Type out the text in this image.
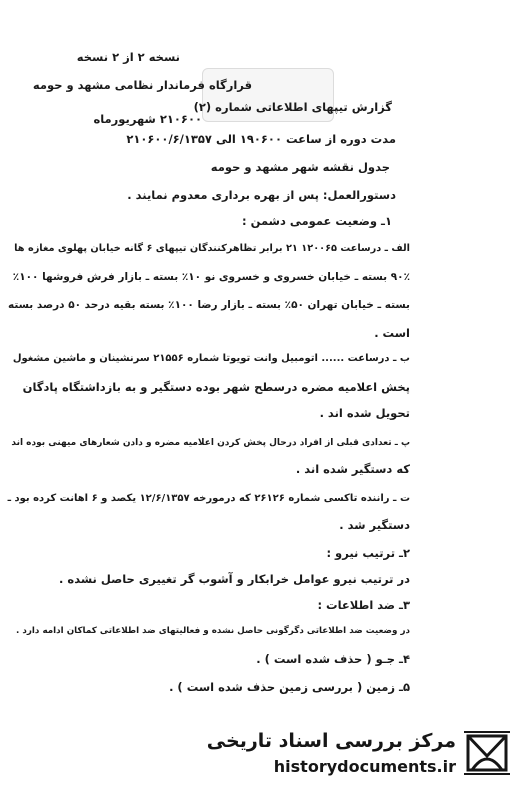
نسخه ۲ از ۲ نسخه
قرارگاه فرماندار نظامی مشهد و حومه
۲۱۰۶۰۰ شهریورماه
گزارش تیپهای اطلاعاتی شماره (۲)
مدت دوره از ساعت ۱۹۰۶۰۰ الی ۲۱۰۶۰۰/۶/۱۳۵۷
جدول نقشه شهر مشهد و حومه
دستورالعمل: پس از بهره برداری معدوم نمایند .
۱ـ وضعیت عمومی دشمن :
الف ـ درساعت ۱۲۰۰۶۵ ۲۱ برابر تظاهرکنندگان تیپهای ۶ گانه خیابان پهلوی مغازه ها
۹۰٪ بسته ـ خیابان خسروی و خسروی نو ۱۰٪ بسته ـ بازار فرش فروشها ۱۰۰٪
بسته ـ خیابان تهران ۵۰٪ بسته ـ بازار رضا ۱۰۰٪ بسته بقیه درحد ۵۰ درصد بسته
است .
ب ـ درساعت ...... اتومبیل وانت تویوتا شماره ۲۱۵۵۶ سرنشینان و ماشین مشغول
پخش اعلامیه مضره درسطح شهر بوده دستگیر و به بازداشتگاه پادگان
تحویل شده اند .
پ ـ تعدادی قبلی از افراد درحال پخش کردن اعلامیه مضره و دادن شعارهای میهنی بوده اند
که دستگیر شده اند .
ت ـ راننده تاکسی شماره ۲۶۱۲۶ که درمورخه ۱۲/۶/۱۳۵۷ یکصد و ۶ اهانت کرده بود ـ
دستگیر شد .
۲ـ ترتیب نیرو :
در ترتیب نیرو عوامل خرابکار و آشوب گر تغییری حاصل نشده .
۳ـ ضد اطلاعات :
در وضعیت ضد اطلاعاتی دگرگونی حاصل نشده و فعالیتهای ضد اطلاعاتی کماکان ادامه دارد .
۴ـ جـو ( حذف شده است ) .
۵ـ زمین ( بررسی زمین حذف شده است ) .
مرکز بررسی اسناد تاریخی
historydocuments.ir
